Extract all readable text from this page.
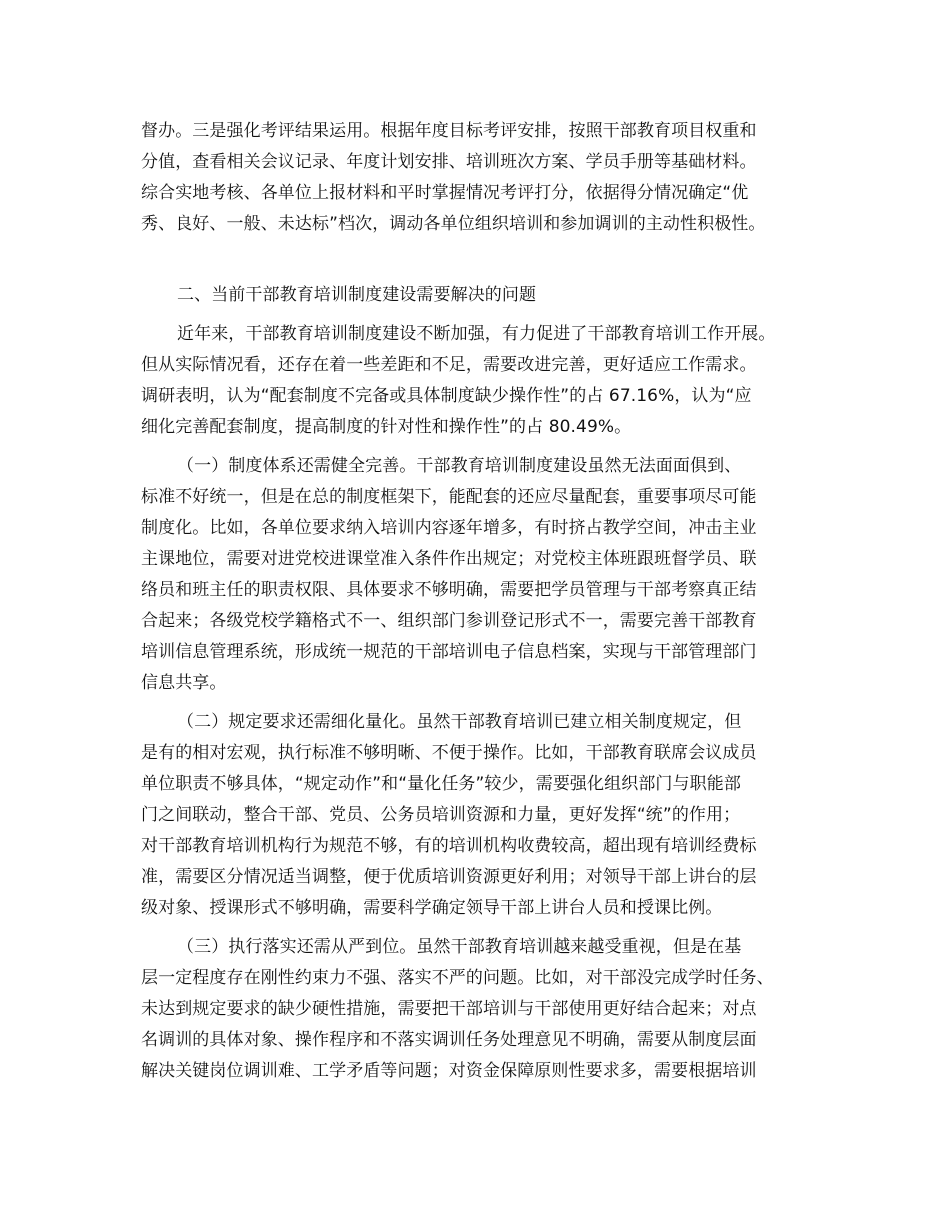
督办。三是强化考评结果运用。根据年度目标考评安排，按照干部教育项目权重和
分值，查看相关会议记录、年度计划安排、培训班次方案、学员手册等基础材料。
综合实地考核、各单位上报材料和平时掌握情况考评打分，依据得分情况确定“优
秀、良好、一般、未达标”档次，调动各单位组织培训和参加调训的主动性积极性。
二、当前干部教育培训制度建设需要解决的问题
近年来，干部教育培训制度建设不断加强，有力促进了干部教育培训工作开展。
但从实际情况看，还存在着一些差距和不足，需要改进完善，更好适应工作需求。
调研表明，认为“配套制度不完备或具体制度缺少操作性”的占 67.16%，认为“应
细化完善配套制度，提高制度的针对性和操作性”的占 80.49%。
（一）制度体系还需健全完善。干部教育培训制度建设虽然无法面面俱到、
标准不好统一，但是在总的制度框架下，能配套的还应尽量配套，重要事项尽可能
制度化。比如，各单位要求纳入培训内容逐年增多，有时挤占教学空间，冲击主业
主课地位，需要对进党校进课堂准入条件作出规定；对党校主体班跟班督学员、联
络员和班主任的职责权限、具体要求不够明确，需要把学员管理与干部考察真正结
合起来；各级党校学籍格式不一、组织部门参训登记形式不一，需要完善干部教育
培训信息管理系统，形成统一规范的干部培训电子信息档案，实现与干部管理部门
信息共享。
（二）规定要求还需细化量化。虽然干部教育培训已建立相关制度规定，但
是有的相对宏观，执行标准不够明晰、不便于操作。比如，干部教育联席会议成员
单位职责不够具体，“规定动作”和“量化任务”较少，需要强化组织部门与职能部
门之间联动，整合干部、党员、公务员培训资源和力量，更好发挥“统”的作用；
对干部教育培训机构行为规范不够，有的培训机构收费较高，超出现有培训经费标
准，需要区分情况适当调整，便于优质培训资源更好利用；对领导干部上讲台的层
级对象、授课形式不够明确，需要科学确定领导干部上讲台人员和授课比例。
（三）执行落实还需从严到位。虽然干部教育培训越来越受重视，但是在基
层一定程度存在刚性约束力不强、落实不严的问题。比如，对干部没完成学时任务、
未达到规定要求的缺少硬性措施，需要把干部培训与干部使用更好结合起来；对点
名调训的具体对象、操作程序和不落实调训任务处理意见不明确，需要从制度层面
解决关键岗位调训难、工学矛盾等问题；对资金保障原则性要求多，需要根据培训
